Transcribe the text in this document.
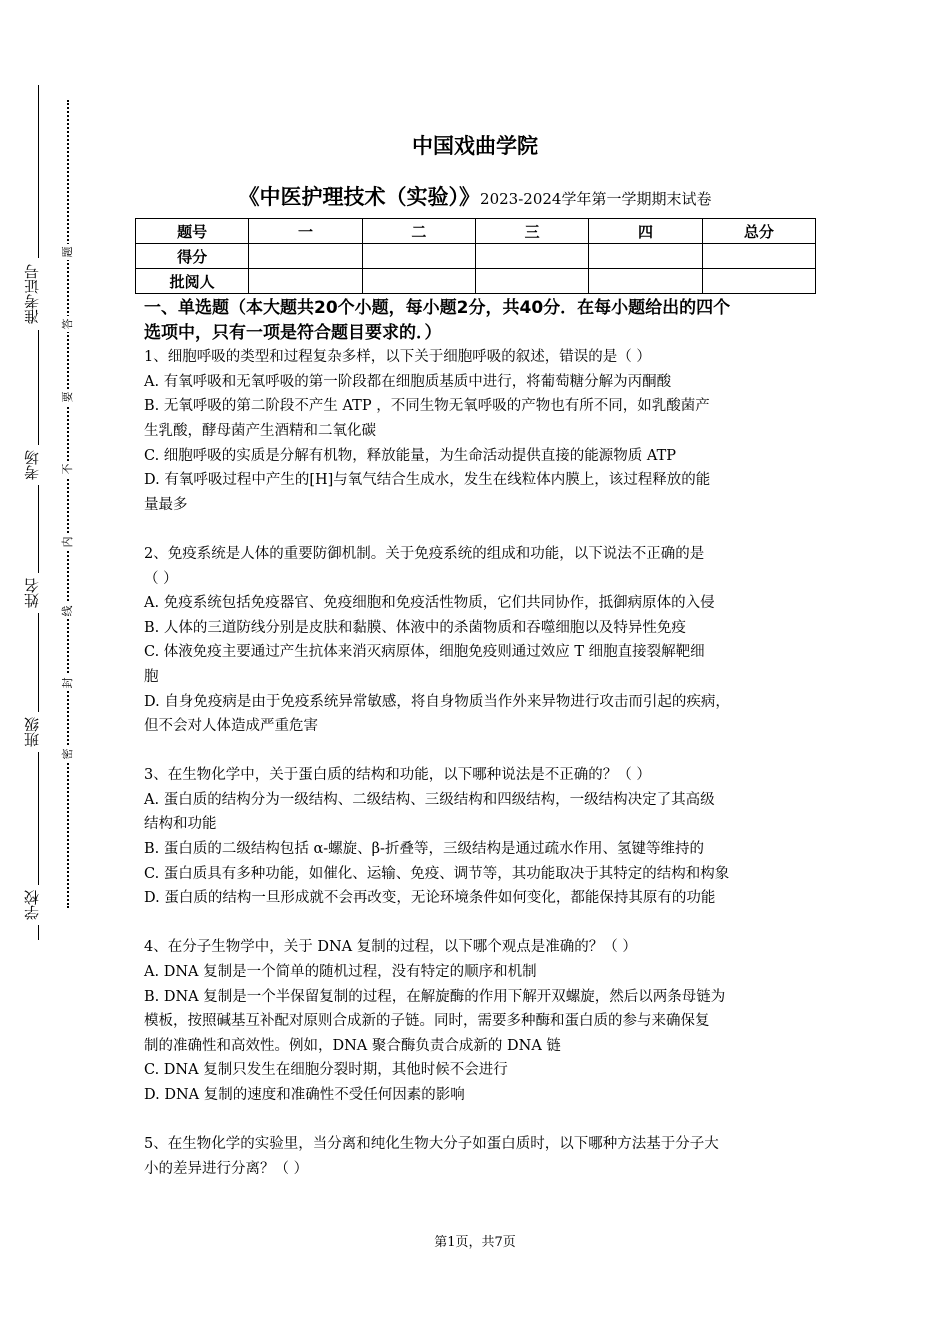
准考证号
考场
姓名
班级
学校
题
答
要
不
内
线
封
密
中国戏曲学院
《中医护理技术（实验）》2023-2024学年第一学期期末试卷
题号	一	二	三	四	总分
得分					
批阅人					
一、单选题（本大题共20个小题，每小题2分，共40分．在每小题给出的四个
选项中，只有一项是符合题目要求的．）
1、细胞呼吸的类型和过程复杂多样，以下关于细胞呼吸的叙述，错误的是（ ）
A. 有氧呼吸和无氧呼吸的第一阶段都在细胞质基质中进行，将葡萄糖分解为丙酮酸
B. 无氧呼吸的第二阶段不产生 ATP ，不同生物无氧呼吸的产物也有所不同，如乳酸菌产
生乳酸，酵母菌产生酒精和二氧化碳
C. 细胞呼吸的实质是分解有机物，释放能量，为生命活动提供直接的能源物质 ATP
D. 有氧呼吸过程中产生的[H]与氧气结合生成水，发生在线粒体内膜上，该过程释放的能
量最多
2、免疫系统是人体的重要防御机制。关于免疫系统的组成和功能，以下说法不正确的是
（ ）
A. 免疫系统包括免疫器官、免疫细胞和免疫活性物质，它们共同协作，抵御病原体的入侵
B. 人体的三道防线分别是皮肤和黏膜、体液中的杀菌物质和吞噬细胞以及特异性免疫
C. 体液免疫主要通过产生抗体来消灭病原体，细胞免疫则通过效应 T 细胞直接裂解靶细
胞
D. 自身免疫病是由于免疫系统异常敏感，将自身物质当作外来异物进行攻击而引起的疾病，
但不会对人体造成严重危害
3、在生物化学中，关于蛋白质的结构和功能，以下哪种说法是不正确的？（ ）
A. 蛋白质的结构分为一级结构、二级结构、三级结构和四级结构，一级结构决定了其高级
结构和功能
B. 蛋白质的二级结构包括 α-螺旋、β-折叠等，三级结构是通过疏水作用、氢键等维持的
C. 蛋白质具有多种功能，如催化、运输、免疫、调节等，其功能取决于其特定的结构和构象
D. 蛋白质的结构一旦形成就不会再改变，无论环境条件如何变化，都能保持其原有的功能
4、在分子生物学中，关于 DNA 复制的过程，以下哪个观点是准确的？（ ）
A. DNA 复制是一个简单的随机过程，没有特定的顺序和机制
B. DNA 复制是一个半保留复制的过程，在解旋酶的作用下解开双螺旋，然后以两条母链为
模板，按照碱基互补配对原则合成新的子链。同时，需要多种酶和蛋白质的参与来确保复
制的准确性和高效性。例如，DNA 聚合酶负责合成新的 DNA 链
C. DNA 复制只发生在细胞分裂时期，其他时候不会进行
D. DNA 复制的速度和准确性不受任何因素的影响
5、在生物化学的实验里，当分离和纯化生物大分子如蛋白质时，以下哪种方法基于分子大
小的差异进行分离？（ ）
第1页，共7页
